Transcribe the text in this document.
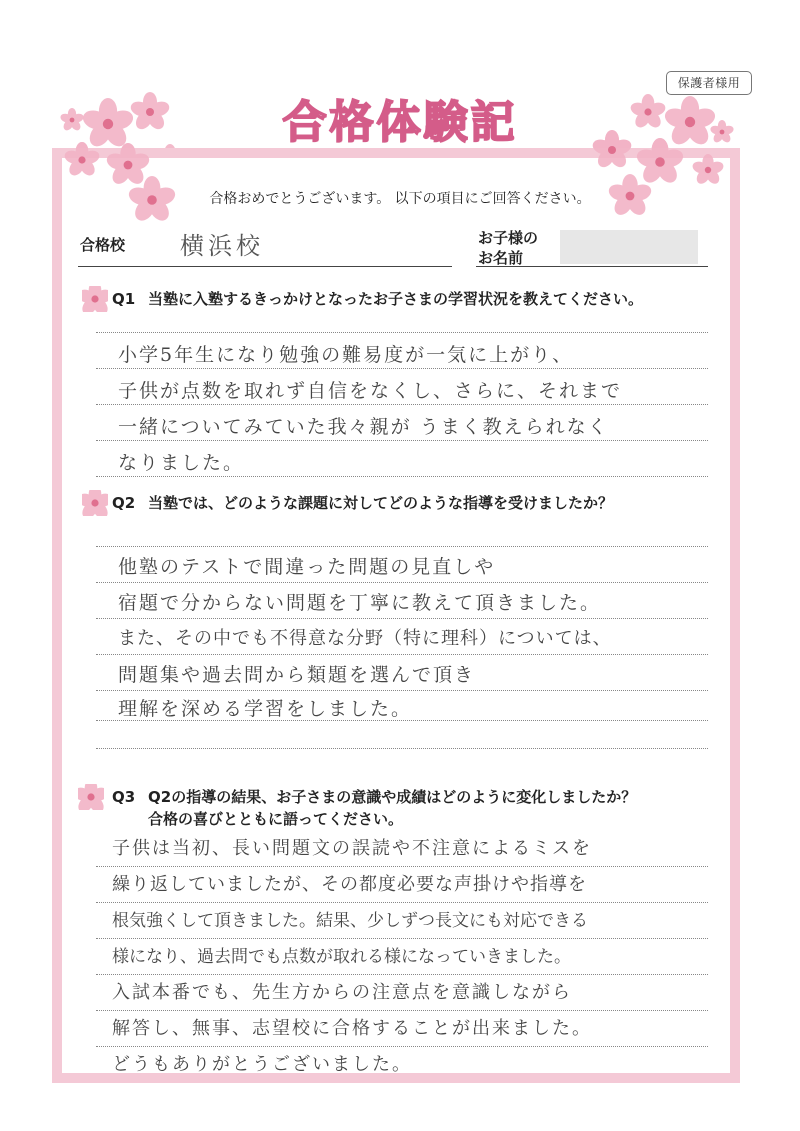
保護者様用
合格体験記
合格おめでとうございます。 以下の項目にご回答ください。
合格校 横浜校	お子様の
お名前
Q1 当塾に入塾するきっかけとなったお子さまの学習状況を教えてください。
小学5年生になり勉強の難易度が一気に上がり、
子供が点数を取れず自信をなくし、さらに、それまで
一緒についてみていた我々親が うまく教えられなく
なりました。
Q2 当塾では、どのような課題に対してどのような指導を受けましたか？
他塾のテストで間違った問題の見直しや
宿題で分からない問題を丁寧に教えて頂きました。
また、その中でも不得意な分野（特に理科）については、
問題集や過去問から類題を選んで頂き
理解を深める学習をしました。
Q3 Q2の指導の結果、お子さまの意識や成績はどのように変化しましたか？
合格の喜びとともに語ってください。
子供は当初、長い問題文の誤読や不注意によるミスを
繰り返していましたが、その都度必要な声掛けや指導を
根気強くして頂きました。結果、少しずつ長文にも対応できる
様になり、過去問でも点数が取れる様になっていきました。
入試本番でも、先生方からの注意点を意識しながら
解答し、無事、志望校に合格することが出来ました。
どうもありがとうございました。
